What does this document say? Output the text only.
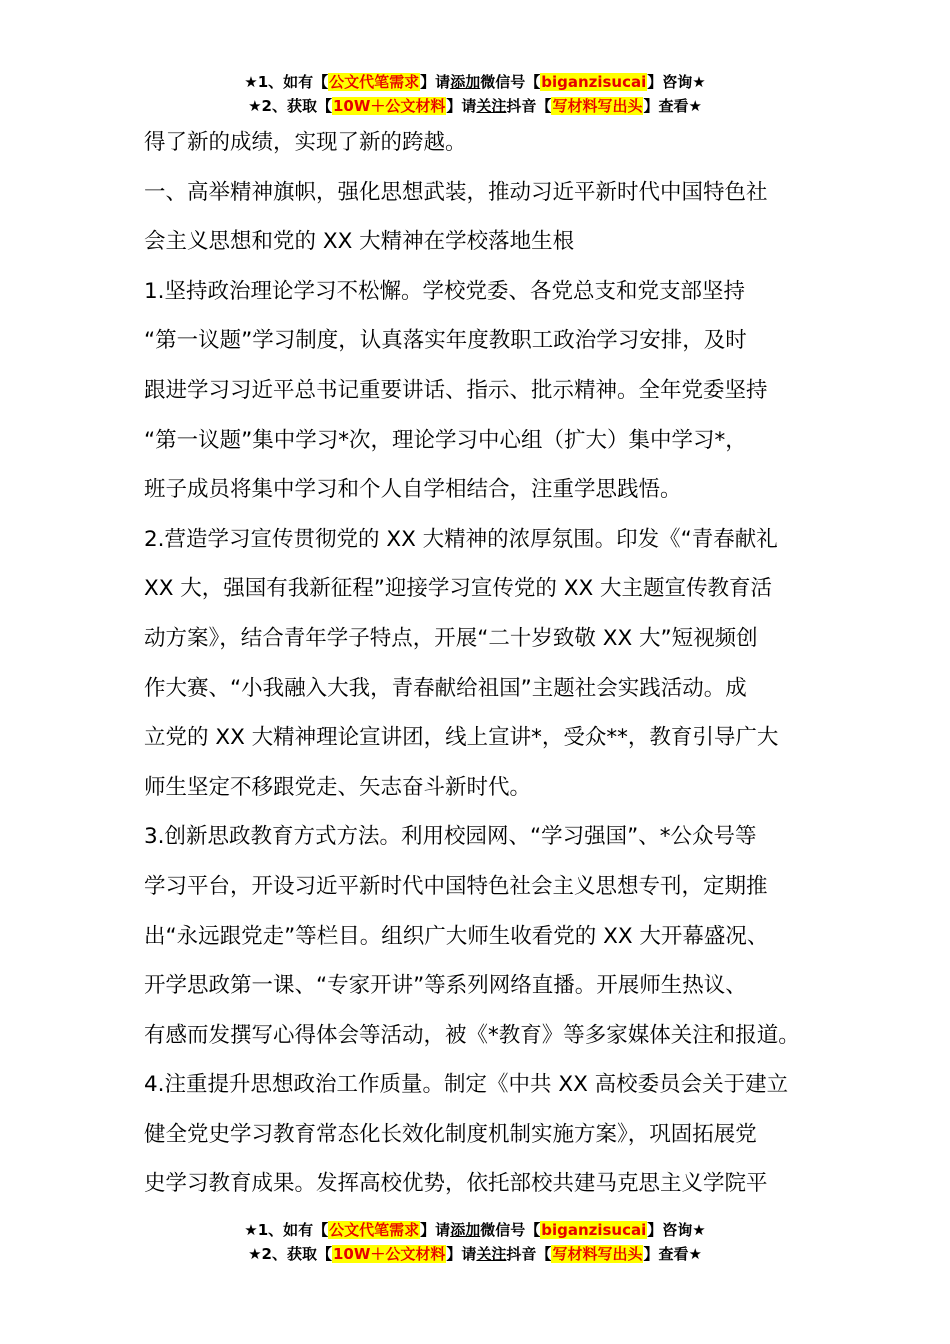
★1、如有【公文代笔需求】请添加微信号【biganzisucai】咨询★
★2、获取【10W＋公文材料】请关注抖音【写材料写出头】查看★
得了新的成绩，实现了新的跨越。
一、高举精神旗帜，强化思想武装，推动习近平新时代中国特色社
会主义思想和党的 XX 大精神在学校落地生根
1.坚持政治理论学习不松懈。学校党委、各党总支和党支部坚持
“第一议题”学习制度，认真落实年度教职工政治学习安排，及时
跟进学习习近平总书记重要讲话、指示、批示精神。全年党委坚持
“第一议题”集中学习*次，理论学习中心组（扩大）集中学习*，
班子成员将集中学习和个人自学相结合，注重学思践悟。
2.营造学习宣传贯彻党的 XX 大精神的浓厚氛围。印发《“青春献礼
XX 大，强国有我新征程”迎接学习宣传党的 XX 大主题宣传教育活
动方案》，结合青年学子特点，开展“二十岁致敬 XX 大”短视频创
作大赛、“小我融入大我，青春献给祖国”主题社会实践活动。成
立党的 XX 大精神理论宣讲团，线上宣讲*，受众**，教育引导广大
师生坚定不移跟党走、矢志奋斗新时代。
3.创新思政教育方式方法。利用校园网、“学习强国”、*公众号等
学习平台，开设习近平新时代中国特色社会主义思想专刊，定期推
出“永远跟党走”等栏目。组织广大师生收看党的 XX 大开幕盛况、
开学思政第一课、“专家开讲”等系列网络直播。开展师生热议、
有感而发撰写心得体会等活动，被《*教育》等多家媒体关注和报道。
4.注重提升思想政治工作质量。制定《中共 XX 高校委员会关于建立
健全党史学习教育常态化长效化制度机制实施方案》，巩固拓展党
史学习教育成果。发挥高校优势，依托部校共建马克思主义学院平
★1、如有【公文代笔需求】请添加微信号【biganzisucai】咨询★
★2、获取【10W＋公文材料】请关注抖音【写材料写出头】查看★
